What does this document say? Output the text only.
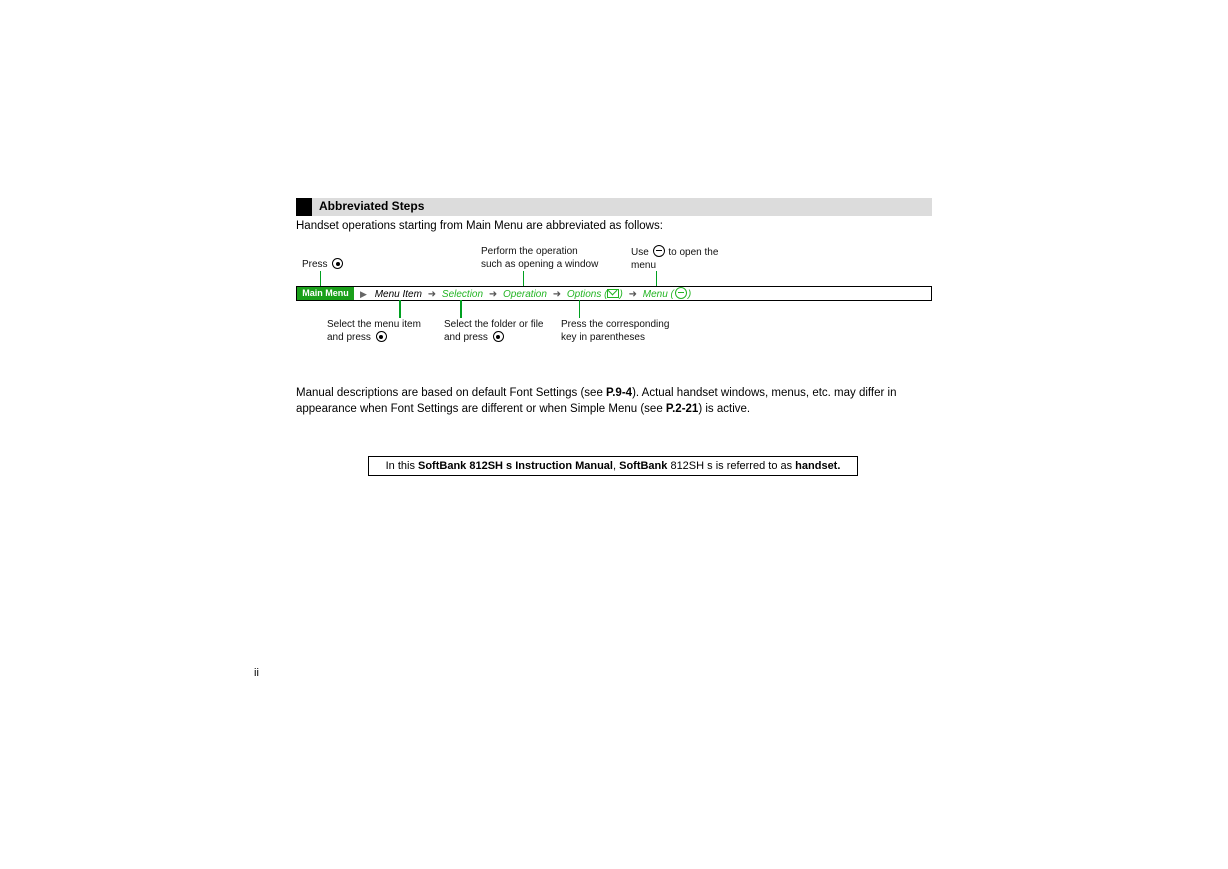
Abbreviated Steps
Handset operations starting from Main Menu are abbreviated as follows:
Press
Perform the operation
such as opening a window
Use to open the
menu
Main Menu	▶ Menu Item ➜ Selection ➜ Operation ➜ Options ( ) ➜ Menu ( )
Select the menu item
and press
Select the folder or file
and press
Press the corresponding
key in parentheses
Manual descriptions are based on default Font Settings (see P.9-4). Actual handset windows, menus, etc. may differ in appearance when Font Settings are different or when Simple Menu (see P.2-21) is active.
In this SoftBank 812SH s Instruction Manual, SoftBank 812SH s is referred to as handset.
ii
